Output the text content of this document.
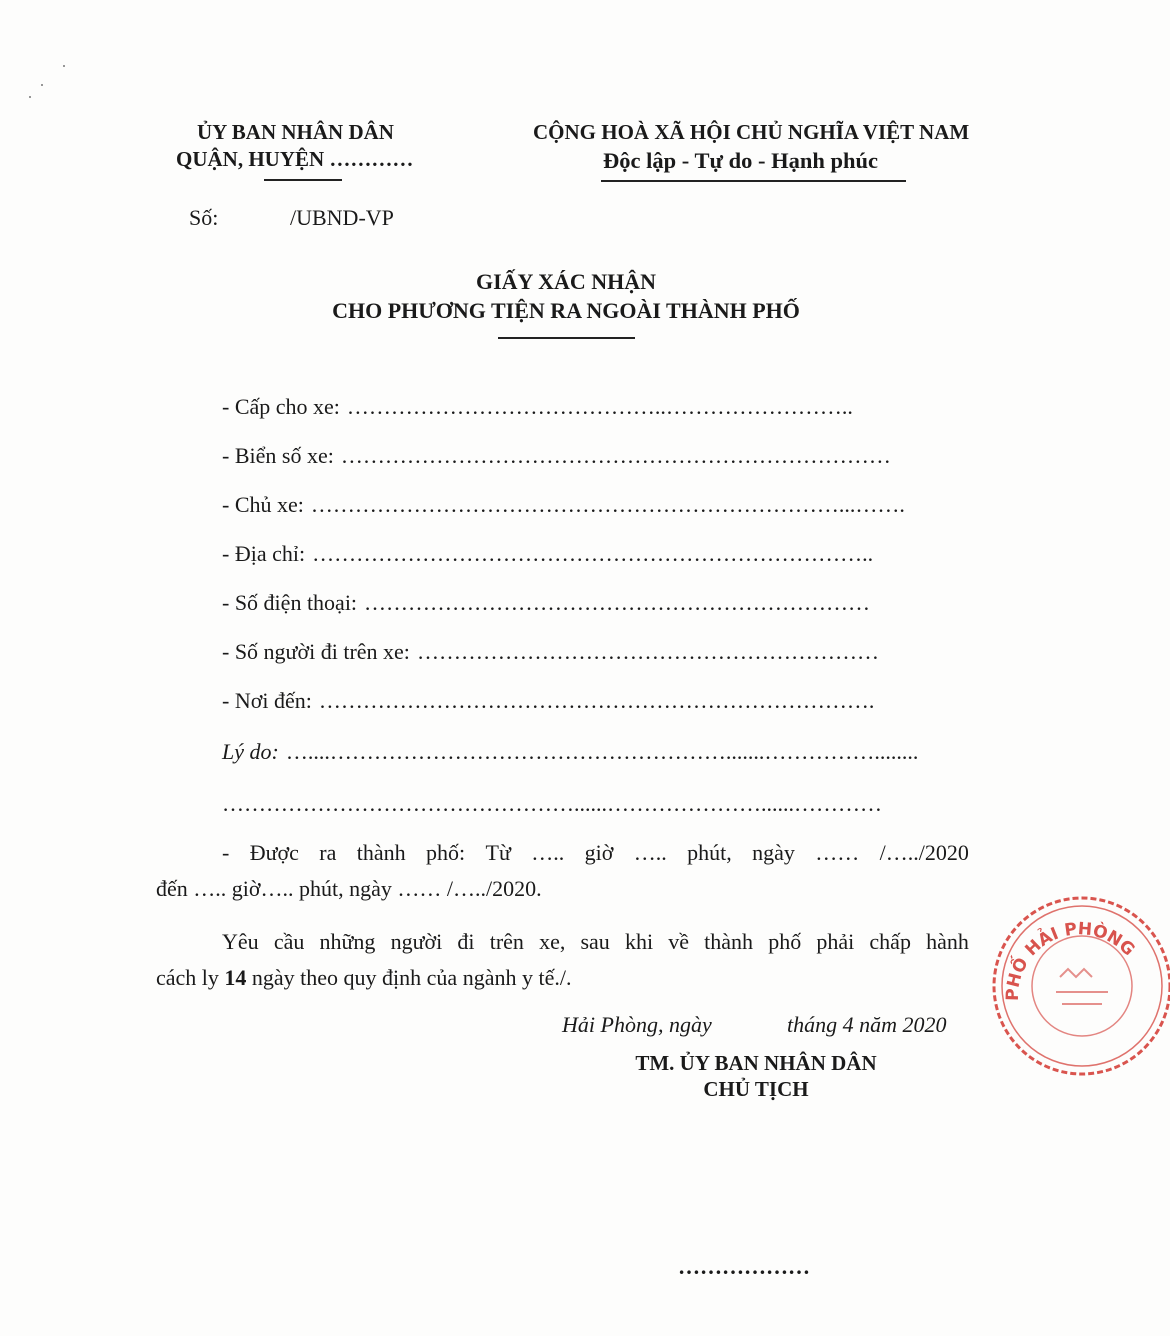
ỦY BAN NHÂN DÂN
QUẬN, HUYỆN …………
CỘNG HOÀ XÃ HỘI CHỦ NGHĨA VIỆT NAM
Độc lập - Tự do - Hạnh phúc
Số:	/UBND-VP
GIẤY XÁC NHẬN
CHO PHƯƠNG TIỆN RA NGOÀI THÀNH PHỐ
- Cấp cho xe: ……………………………………..……………………..
- Biển số xe: …………………………………………………………………
- Chủ xe: ………………………………………………………………...…….
- Địa chỉ: …………………………………………………………………..
- Số điện thoại: ……………………………………………………………
- Số người đi trên xe: ………………………………………………………
- Nơi đến: ………………………………………………………………….
Lý do: …....……………………………………………….......……………........
…………………………………………......…………………......…………
- Được ra thành phố: Từ ….. giờ ….. phút, ngày …… /…../2020
đến ….. giờ….. phút, ngày …… /…../2020.
Yêu cầu những người đi trên xe, sau khi về thành phố phải chấp hành
cách ly 14 ngày theo quy định của ngành y tế./.
Hải Phòng, ngày	tháng 4 năm 2020
TM. ỦY BAN NHÂN DÂN
CHỦ TỊCH
………………
PHỐ HẢI PHÒNG
